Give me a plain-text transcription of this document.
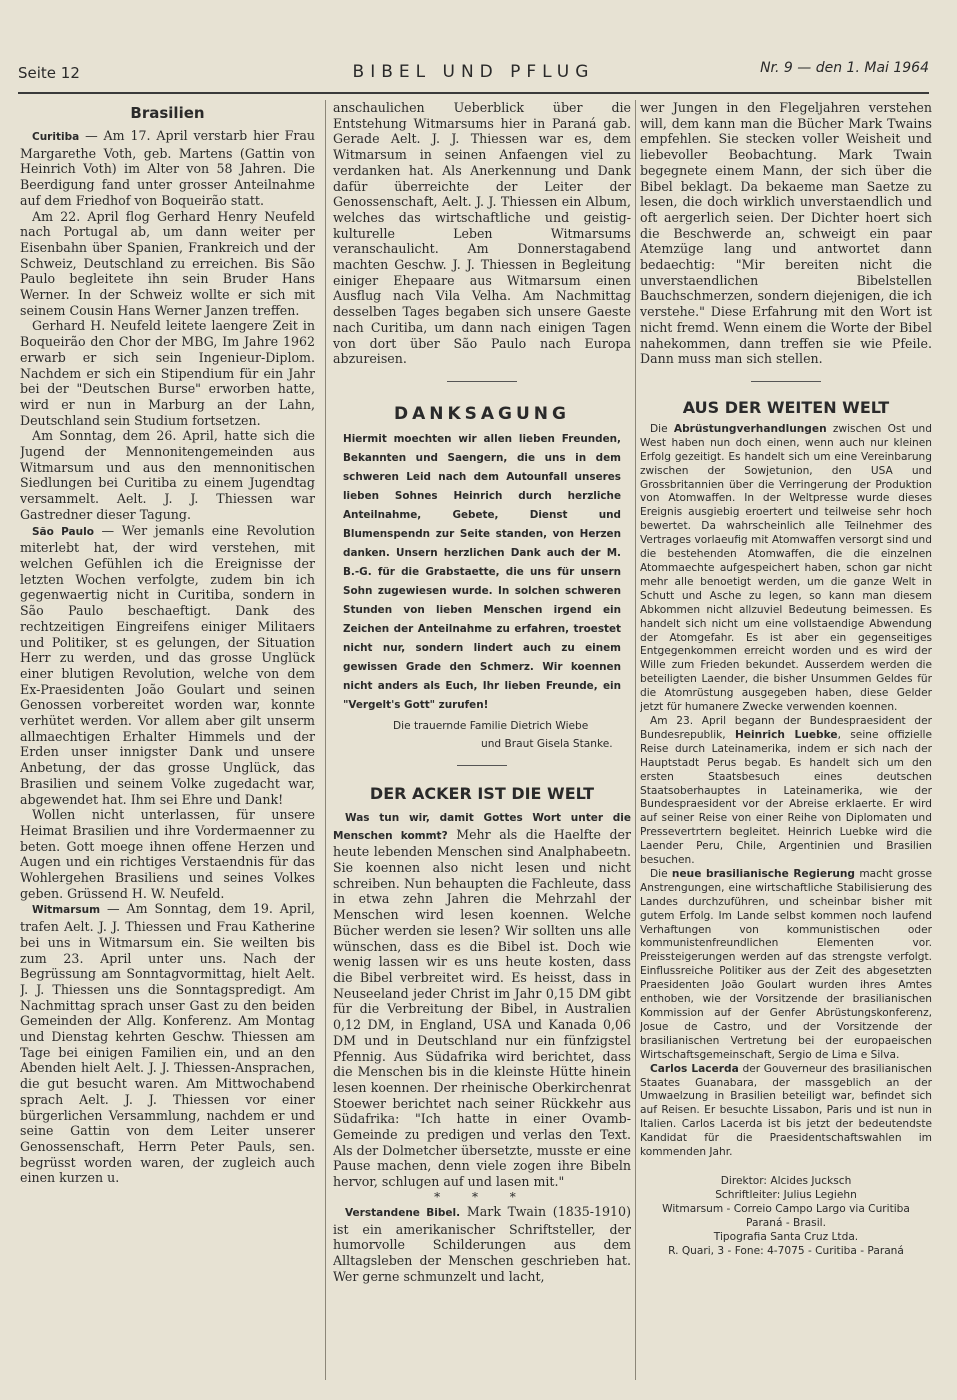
Seite 12	BIBEL UND PFLUG	Nr. 9 — den 1. Mai 1964
Brasilien

Curitiba — Am 17. April verstarb hier Frau Margarethe Voth, geb. Martens (Gattin von Heinrich Voth) im Alter von 58 Jahren. Die Beerdigung fand unter grosser Anteilnahme auf dem Friedhof von Boqueirão statt.

Am 22. April flog Gerhard Henry Neufeld nach Portugal ab, um dann weiter per Eisenbahn über Spanien, Frankreich und der Schweiz, Deutschland zu erreichen. Bis São Paulo begleitete ihn sein Bruder Hans Werner. In der Schweiz wollte er sich mit seinem Cousin Hans Werner Janzen treffen.

Gerhard H. Neufeld leitete laengere Zeit in Boqueirão den Chor der MBG, Im Jahre 1962 erwarb er sich sein Ingenieur-Diplom. Nachdem er sich ein Stipendium für ein Jahr bei der "Deutschen Burse" erworben hatte, wird er nun in Marburg an der Lahn, Deutschland sein Studium fortsetzen.

Am Sonntag, dem 26. April, hatte sich die Jugend der Mennonitengemeinden aus Witmarsum und aus den mennonitischen Siedlungen bei Curitiba zu einem Jugendtag versammelt. Aelt. J. J. Thiessen war Gastredner dieser Tagung.

São Paulo — Wer jemanls eine Revolution miterlebt hat, der wird verstehen, mit welchen Gefühlen ich die Ereignisse der letzten Wochen verfolgte, zudem bin ich gegenwaertig nicht in Curitiba, sondern in São Paulo beschaeftigt. Dank des rechtzeitigen Eingreifens einiger Militaers und Politiker, st es gelungen, der Situation Herr zu werden, und das grosse Unglück einer blutigen Revolution, welche von dem Ex-Praesidenten João Goulart und seinen Genossen vorbereitet worden war, konnte verhütet werden. Vor allem aber gilt unserm allmaechtigen Erhalter Himmels und der Erden unser innigster Dank und unsere Anbetung, der das grosse Unglück, das Brasilien und seinem Volke zugedacht war, abgewendet hat. Ihm sei Ehre und Dank!

Wollen nicht unterlassen, für unsere Heimat Brasilien und ihre Vordermaenner zu beten. Gott moege ihnen offene Herzen und Augen und ein richtiges Verstaendnis für das Wohlergehen Brasiliens und seines Volkes geben. Grüssend H. W. Neufeld.

Witmarsum — Am Sonntag, dem 19. April, trafen Aelt. J. J. Thiessen und Frau Katherine bei uns in Witmarsum ein. Sie weilten bis zum 23. April unter uns. Nach der Begrüssung am Sonntagvormittag, hielt Aelt. J. J. Thiessen uns die Sonntagspredigt. Am Nachmittag sprach unser Gast zu den beiden Gemeinden der Allg. Konferenz. Am Montag und Dienstag kehrten Geschw. Thiessen am Tage bei einigen Familien ein, und an den Abenden hielt Aelt. J. J. Thiessen-Ansprachen, die gut besucht waren. Am Mittwochabend sprach Aelt. J. J. Thiessen vor einer bürgerlichen Versammlung, nachdem er und seine Gattin von dem Leiter unserer Genossenschaft, Herrn Peter Pauls, sen. begrüsst worden waren, der zugleich auch einen kurzen u.

anschaulichen Ueberblick über die Entstehung Witmarsums hier in Paraná gab. Gerade Aelt. J. J. Thiessen war es, dem Witmarsum in seinen Anfaengen viel zu verdanken hat. Als Anerkennung und Dank dafür überreichte der Leiter der Genossenschaft, Aelt. J. J. Thiessen ein Album, welches das wirtschaftliche und geistig-kulturelle Leben Witmarsums veranschaulicht. Am Donnerstagabend machten Geschw. J. J. Thiessen in Begleitung einiger Ehepaare aus Witmarsum einen Ausflug nach Vila Velha. Am Nachmittag desselben Tages begaben sich unsere Gaeste nach Curitiba, um dann nach einigen Tagen von dort über São Paulo nach Europa abzureisen.

DANKSAGUNG

Hiermit moechten wir allen lieben Freunden, Bekannten und Saengern, die uns in dem schweren Leid nach dem Autounfall unseres lieben Sohnes Heinrich durch herzliche Anteilnahme, Gebete, Dienst und Blumenspendn zur Seite standen, von Herzen danken. Unsern herzlichen Dank auch der M. B.-G. für die Grabstaette, die uns für unsern Sohn zugewiesen wurde. In solchen schweren Stunden von lieben Menschen irgend ein Zeichen der Anteilnahme zu erfahren, troestet nicht nur, sondern lindert auch zu einem gewissen Grade den Schmerz. Wir koennen nicht anders als Euch, Ihr lieben Freunde, ein "Vergelt's Gott" zurufen!

Die trauernde Familie Dietrich Wiebe
und Braut Gisela Stanke.
DER ACKER IST DIE WELT

Was tun wir, damit Gottes Wort unter die Menschen kommt? Mehr als die Haelfte der heute lebenden Menschen sind Analphabeetn. Sie koennen also nicht lesen und nicht schreiben. Nun behaupten die Fachleute, dass in etwa zehn Jahren die Mehrzahl der Menschen wird lesen koennen. Welche Bücher werden sie lesen? Wir sollten uns alle wünschen, dass es die Bibel ist. Doch wie wenig lassen wir es uns heute kosten, dass die Bibel verbreitet wird. Es heisst, dass in Neuseeland jeder Christ im Jahr 0,15 DM gibt für die Verbreitung der Bibel, in Australien 0,12 DM, in England, USA und Kanada 0,06 DM und in Deutschland nur ein fünfzigstel Pfennig. Aus Südafrika wird berichtet, dass die Menschen bis in die kleinste Hütte hinein lesen koennen. Der rheinische Oberkirchenrat Stoewer berichtet nach seiner Rückkehr aus Südafrika: "Ich hatte in einer Ovamb-Gemeinde zu predigen und verlas den Text. Als der Dolmetcher übersetzte, musste er eine Pause machen, denn viele zogen ihre Bibeln hervor, schlugen auf und lasen mit."

* * *

Verstandene Bibel. Mark Twain (1835-1910) ist ein amerikanischer Schriftsteller, der humorvolle Schilderungen aus dem Alltagsleben der Menschen geschrieben hat. Wer gerne schmunzelt und lacht,

wer Jungen in den Flegeljahren verstehen will, dem kann man die Bücher Mark Twains empfehlen. Sie stecken voller Weisheit und liebevoller Beobachtung. Mark Twain begegnete einem Mann, der sich über die Bibel beklagt. Da bekaeme man Saetze zu lesen, die doch wirklich unverstaendlich und oft aergerlich seien. Der Dichter hoert sich die Beschwerde an, schweigt ein paar Atemzüge lang und antwortet dann bedaechtig: "Mir bereiten nicht die unverstaendlichen Bibelstellen Bauchschmerzen, sondern diejenigen, die ich verstehe." Diese Erfahrung mit den Wort ist nicht fremd. Wenn einem die Worte der Bibel nahekommen, dann treffen sie wie Pfeile. Dann muss man sich stellen.

AUS DER WEITEN WELT

Die Abrüstungverhandlungen zwischen Ost und West haben nun doch einen, wenn auch nur kleinen Erfolg gezeitigt. Es handelt sich um eine Vereinbarung zwischen der Sowjetunion, den USA und Grossbritannien über die Verringerung der Produktion von Atomwaffen. In der Weltpresse wurde dieses Ereignis ausgiebig eroertert und teilweise sehr hoch bewertet. Da wahrscheinlich alle Teilnehmer des Vertrages vorlaeufig mit Atomwaffen versorgt sind und die bestehenden Atomwaffen, die die einzelnen Atommaechte aufgespeichert haben, schon gar nicht mehr alle benoetigt werden, um die ganze Welt in Schutt und Asche zu legen, so kann man diesem Abkommen nicht allzuviel Bedeutung beimessen. Es handelt sich nicht um eine vollstaendige Abwendung der Atomgefahr. Es ist aber ein gegenseitiges Entgegenkommen erreicht worden und es wird der Wille zum Frieden bekundet. Ausserdem werden die beteiligten Laender, die bisher Unsummen Geldes für die Atomrüstung ausgegeben haben, diese Gelder jetzt für humanere Zwecke verwenden koennen.

Am 23. April begann der Bundespraesident der Bundesrepublik, Heinrich Luebke, seine offizielle Reise durch Lateinamerika, indem er sich nach der Hauptstadt Perus begab. Es handelt sich um den ersten Staatsbesuch eines deutschen Staatsoberhauptes in Lateinamerika, wie der Bundespraesident vor der Abreise erklaerte. Er wird auf seiner Reise von einer Reihe von Diplomaten und Pressevertrtern begleitet. Heinrich Luebke wird die Laender Peru, Chile, Argentinien und Brasilien besuchen.

Die neue brasilianische Regierung macht grosse Anstrengungen, eine wirtschaftliche Stabilisierung des Landes durchzuführen, und scheinbar bisher mit gutem Erfolg. Im Lande selbst kommen noch laufend Verhaftungen von kommunistischen oder kommunistenfreundlichen Elementen vor. Preissteigerungen werden auf das strengste verfolgt. Einflussreiche Politiker aus der Zeit des abgesetzten Praesidenten João Goulart wurden ihres Amtes enthoben, wie der Vorsitzende der brasilianischen Kommission auf der Genfer Abrüstungskonferenz, Josue de Castro, und der Vorsitzende der brasilianischen Vertretung bei der europaeischen Wirtschaftsgemeinschaft, Sergio de Lima e Silva.

Carlos Lacerda der Gouverneur des brasilianischen Staates Guanabara, der massgeblich an der Umwaelzung in Brasilien beteiligt war, befindet sich auf Reisen. Er besuchte Lissabon, Paris und ist nun in Italien. Carlos Lacerda ist bis jetzt der bedeutendste Kandidat für die Praesidentschaftswahlen im kommenden Jahr.

Direktor: Alcides Jucksch
Schriftleiter: Julius Legiehn
Witmarsum - Correio Campo Largo via Curitiba
Paraná - Brasil.
Tipografia Santa Cruz Ltda.
R. Quari, 3 - Fone: 4-7075 - Curitiba - Paraná
